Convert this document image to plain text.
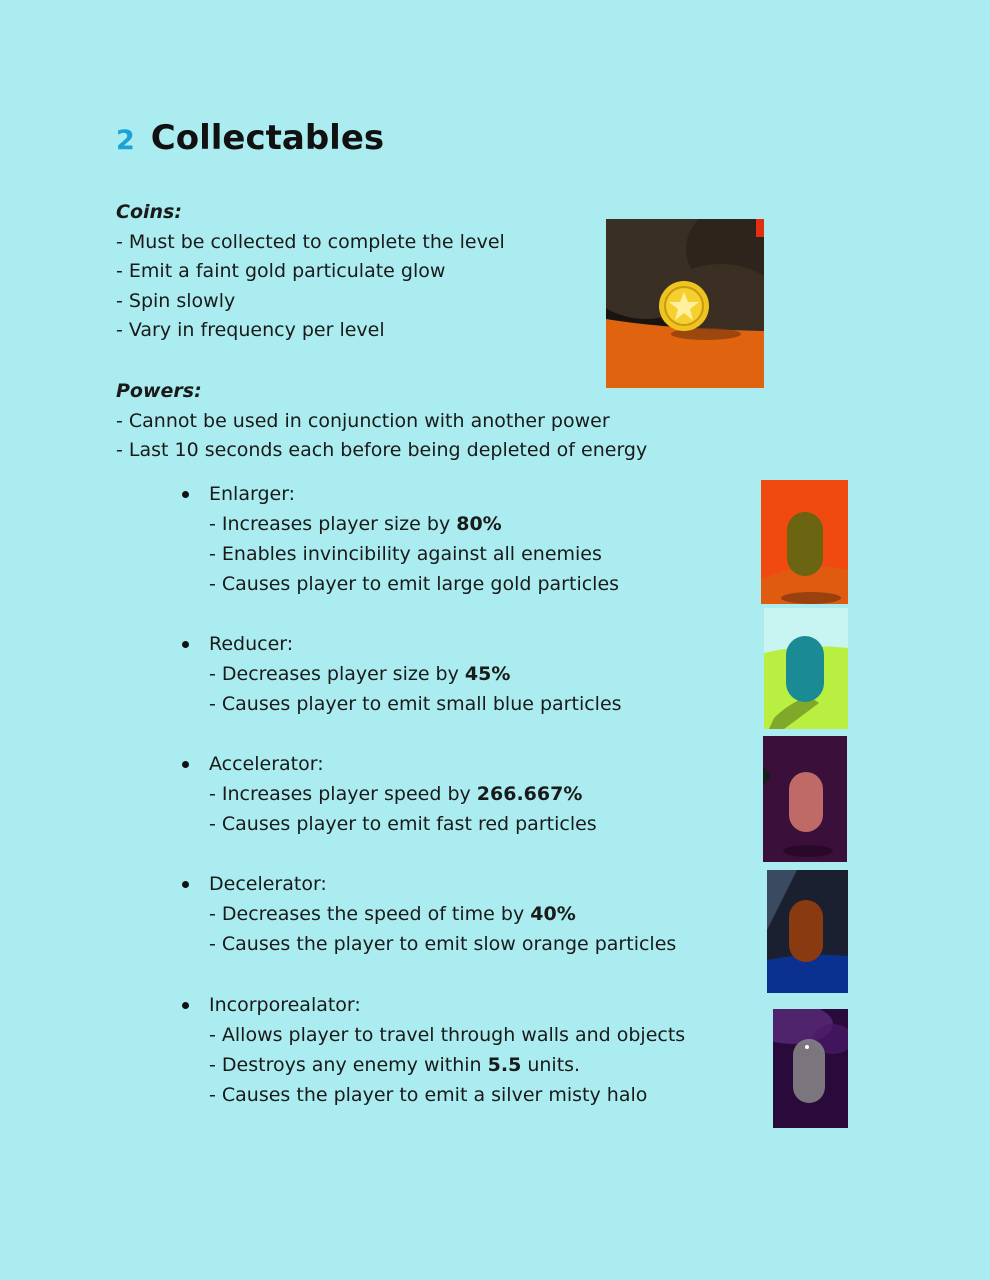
2 Collectables
Coins:
- Must be collected to complete the level
- Emit a faint gold particulate glow
- Spin slowly
- Vary in frequency per level
Powers:
- Cannot be used in conjunction with another power
- Last 10 seconds each before being depleted of energy
Enlarger:
- Increases player size by 80%
- Enables invincibility against all enemies
- Causes player to emit large gold particles
Reducer:
- Decreases player size by 45%
- Causes player to emit small blue particles
Accelerator:
- Increases player speed by 266.667%
- Causes player to emit fast red particles
Decelerator:
- Decreases the speed of time by 40%
- Causes the player to emit slow orange particles
Incorporealator:
- Allows player to travel through walls and objects
- Destroys any enemy within 5.5 units.
- Causes the player to emit a silver misty halo
